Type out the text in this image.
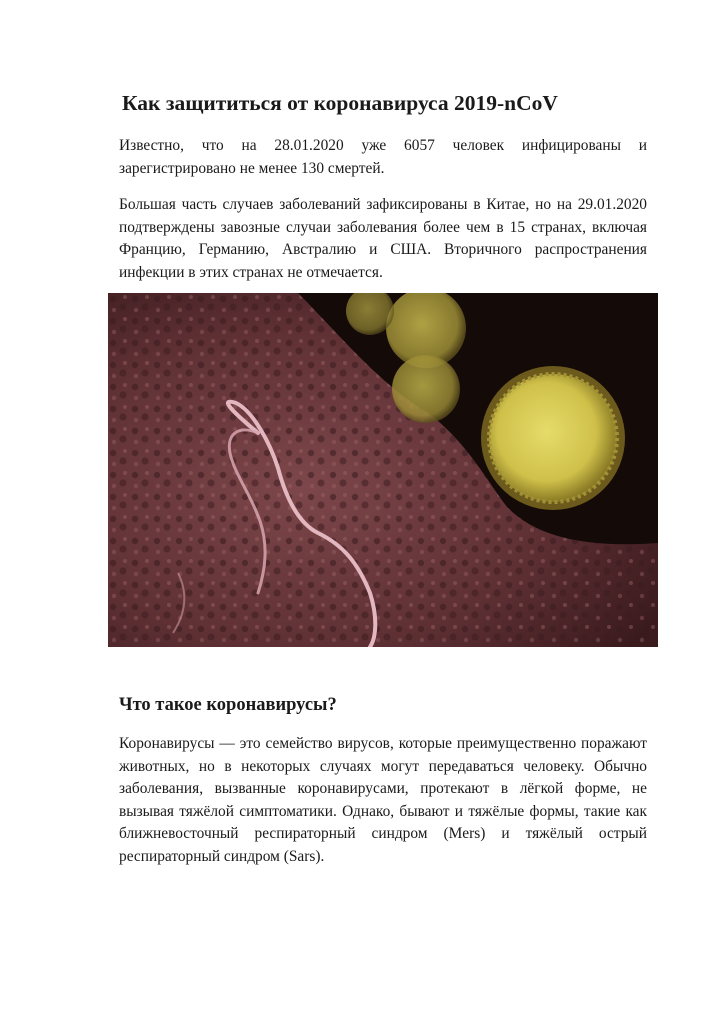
Как защититься от коронавируса 2019-nCoV
Известно, что на 28.01.2020 уже 6057 человек инфицированы и зарегистрировано не менее 130 смертей.
Большая часть случаев заболеваний зафиксированы в Китае, но на 29.01.2020 подтверждены завозные случаи заболевания более чем в 15 странах, включая Францию, Германию, Австралию и США. Вторичного распространения инфекции в этих странах не отмечается.
Что такое коронавирусы?
Коронавирусы — это семейство вирусов, которые преимущественно поражают животных, но в некоторых случаях могут передаваться человеку. Обычно заболевания, вызванные коронавирусами, протекают в лёгкой форме, не вызывая тяжёлой симптоматики. Однако, бывают и тяжёлые формы, такие как ближневосточный респираторный синдром (Mers) и тяжёлый острый респираторный синдром (Sars).
